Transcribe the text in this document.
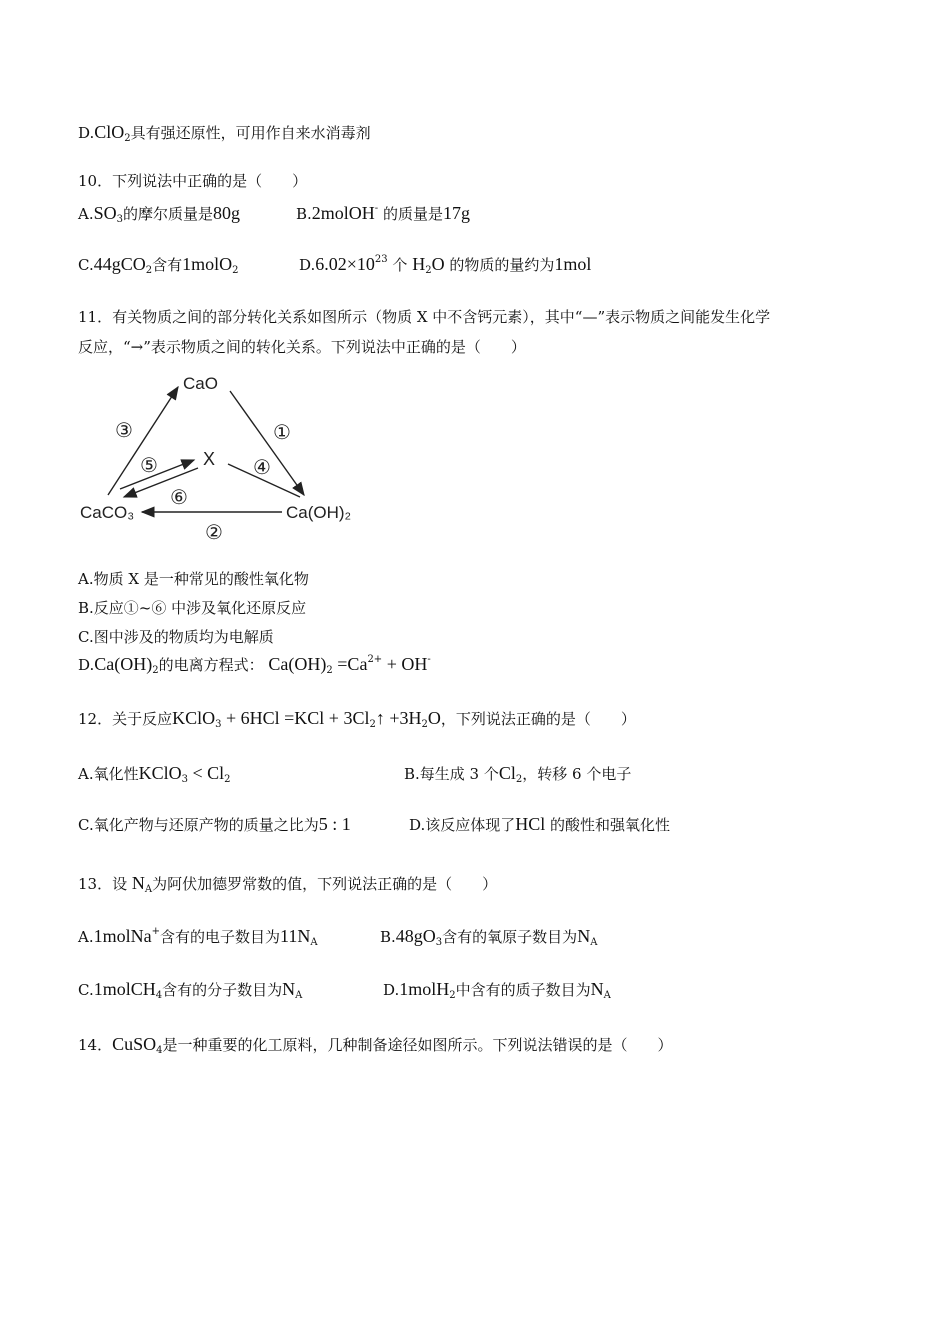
D.ClO$_2$具有强还原性，可用作自来水消毒剂
10．下列说法中正确的是（　　）
$A.SO_3$的摩尔质量是80g	B.2molOH- 的质量是17g
C.44gCO$_2$含有1molO$_2$	$D.6.02\times 10^{23}$ 个 $H_2O$ 的物质的量约为1mol
11．有关物质之间的部分转化关系如图所示（物质 X 中不含钙元素），其中“—”表示物质之间能发生化学
反应，“→”表示物质之间的转化关系。下列说法中正确的是（　　）
CaO
X
CaCO₃	Ca(OH)₂
③	①
⑤	④
⑥
②
A.物质 X 是一种常见的酸性氧化物
B.反应①~⑥ 中涉及氧化还原反应
C.图中涉及的物质均为电解质
$D.Ca(OH)_2$的电离方程式： $Ca(OH)_2 =Ca^{2+} + OH^-$
12．关于反应KClO$_3$ + $6HCl =KCl + 3Cl_2↑ +3H_2O$，下列说法正确的是（　　）
A.氧化性KClO$_3$ < $Cl_2$	B.每生成 3 个$Cl_2$，转移 6 个电子
C.氧化产物与还原产物的质量之比为5 : 1	D.该反应体现了HCl 的酸性和强氧化性
13．设 $N_A$为阿伏加德罗常数的值，下列说法正确的是（　　）
A.1molNa+含有的电子数目为$11N_A$	$B.48gO_3$含有的氧原子数目为$N_A$
C.1molCH$_4$含有的分子数目为$N_A$	D.1molH$_2$中含有的质子数目为$N_A$
14．CuSO$_4$是一种重要的化工原料，几种制备途径如图所示。下列说法错误的是（　　）
